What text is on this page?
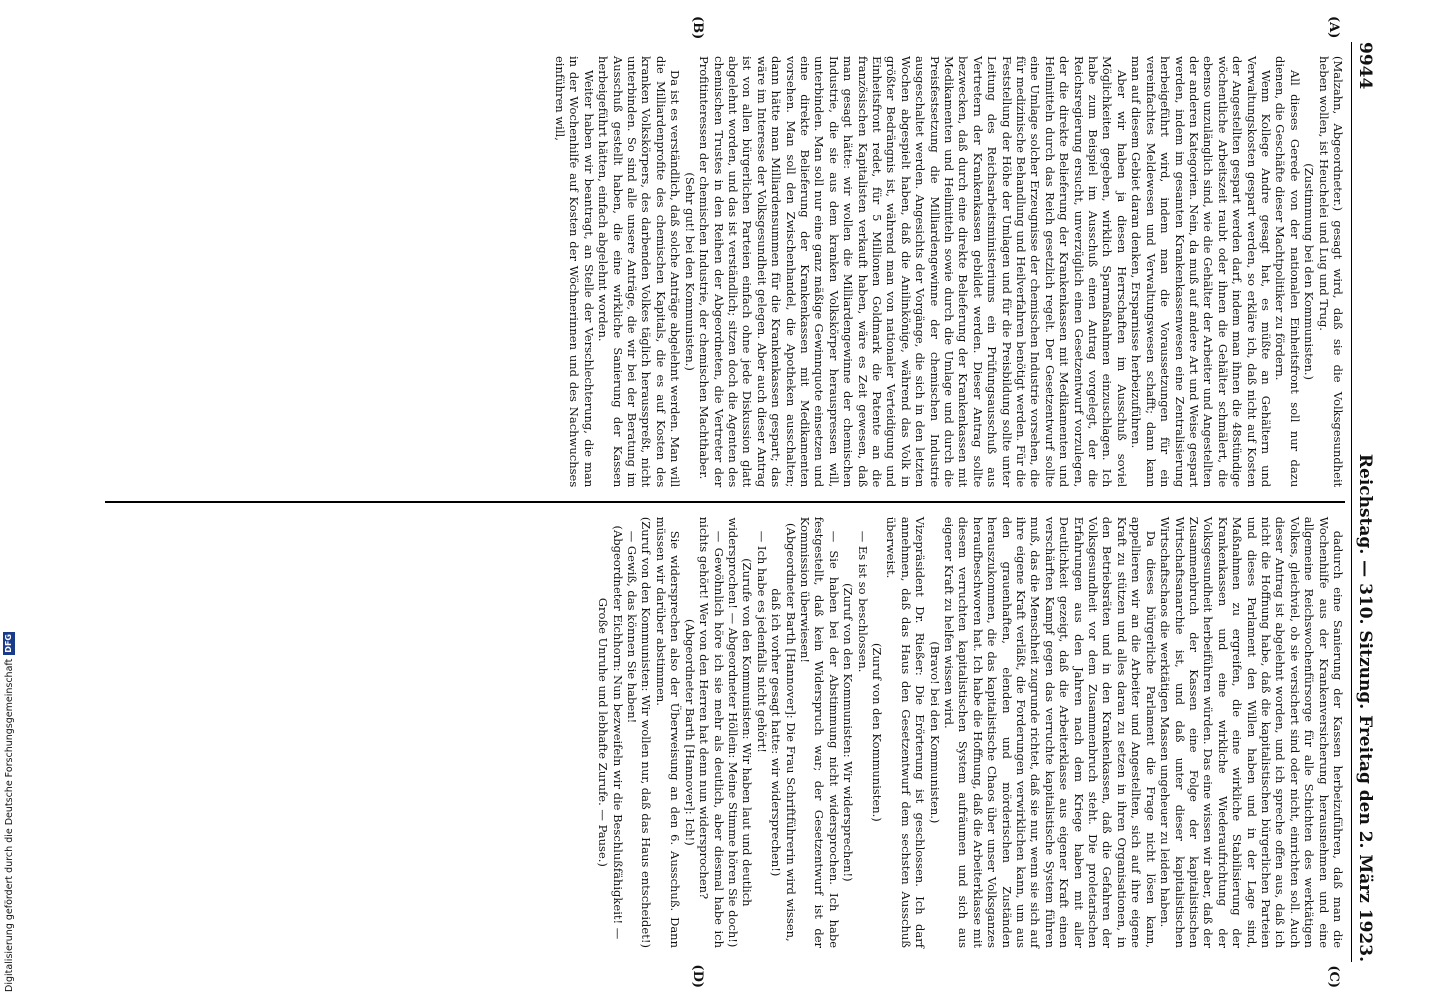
9944
Reichstag. — 310. Sitzung. Freitag den 2. März 1923.
(A)
(B)
(C)
(D)

(Malzahn, Abgeordneter.) gesagt wird, daß sie die Volksgesundheit heben wollen, ist Heuchelei und Lug und Trug.

(Zustimmung bei den Kommunisten.)

All dieses Gerede von der nationalen Einheitsfront soll nur dazu dienen, die Geschäfte dieser Machtpolitiker zu fördern.

Wenn Kollege Andre gesagt hat, es müßte an Gehältern und Verwaltungskosten gespart werden, so erkläre ich, daß nicht auf Kosten der Angestellten gespart werden darf, indem man ihnen die 48stündige wöchentliche Arbeitszeit raubt oder ihnen die Gehälter schmälert, die ebenso unzulänglich sind, wie die Gehälter der Arbeiter und Angestellten der anderen Kategorien. Nein, da muß auf andere Art und Weise gespart werden, indem im gesamten Krankenkassenwesen eine Zentralisierung herbeigeführt wird, indem man die Voraussetzungen für ein vereinfachtes Meldewesen und Verwaltungswesen schafft; dann kann man auf diesem Gebiet daran denken, Ersparnisse herbeizuführen.

Aber wir haben ja diesen Herrschaften im Ausschuß soviel Möglichkeiten gegeben, wirklich Sparmaßnahmen einzuschlagen. Ich habe zum Beispiel im Ausschuß einen Antrag vorgelegt, der die Reichsregierung ersucht, unverzüglich einen Gesetzentwurf vorzulegen, der die direkte Belieferung der Krankenkassen mit Medikamenten und Heilmitteln durch das Reich gesetzlich regelt. Der Gesetzentwurf sollte eine Umlage solcher Erzeugnisse der chemischen Industrie vorsehen, die für medizinische Behandlung und Heilverfahren benötigt werden. Für die Feststellung der Höhe der Umlagen und für die Preisbildung sollte unter Leitung des Reichsarbeitsministeriums ein Prüfungsausschuß aus Vertretern der Krankenkassen gebildet werden. Dieser Antrag sollte bezwecken, daß durch eine direkte Belieferung der Krankenkassen mit Medikamenten und Heilmitteln sowie durch die Umlage und durch die Preisfestsetzung die Milliardengewinne der chemischen Industrie ausgeschaltet werden. Angesichts der Vorgänge, die sich in den letzten Wochen abgespielt haben, daß die Anilinkönige, während das Volk in größter Bedrängnis ist, während man von nationaler Verteidigung und Einheitsfront redet, für 5 Millionen Goldmark die Patente an die französischen Kapitalisten verkauft haben, wäre es Zeit gewesen, daß man gesagt hätte: wir wollen die Milliardengewinne der chemischen Industrie, die sie aus dem kranken Volkskörper herauspressen will, unterbinden. Man soll nur eine ganz mäßige Gewinnquote einsetzen und eine direkte Belieferung der Krankenkassen mit Medikamenten vorsehen. Man soll den Zwischenhandel, die Apotheken ausschalten; dann hätte man Milliardensummen für die Krankenkassen gespart; das wäre im Interesse der Volksgesundheit gelegen. Aber auch dieser Antrag ist von allen bürgerlichen Parteien einfach ohne jede Diskussion glatt abgelehnt worden, und das ist verständlich; sitzen doch die Agenten des chemischen Trustes in den Reihen der Abgeordneten, die Vertreter der Profitinteressen der chemischen Industrie, der chemischen Machthaber.

(Sehr gut! bei den Kommunisten.)

Da ist es verständlich, daß solche Anträge abgelehnt werden. Man will die Milliardenprofite des chemischen Kapitals, die es auf Kosten des kranken Volkskörpers, des darbenden Volkes täglich herausspreßt, nicht unterbinden. So sind alle unsere Anträge, die wir bei der Beratung im Ausschuß gestellt haben, die eine wirkliche Sanierung der Kassen herbeigeführt hätten, einfach abgelehnt worden.

Weiter haben wir beantragt, an Stelle der Verschlechterung, die man in der Wochenhilfe auf Kosten der Wöchnerinnen und des Nachwuchses einführen will,

dadurch eine Sanierung der Kassen herbeizuführen, daß man die Wochenhilfe aus der Krankenversicherung herausnehmen und eine allgemeine Reichswochenfürsorge für alle Schichten des werktätigen Volkes, gleichviel, ob sie versichert sind oder nicht, einrichten soll. Auch dieser Antrag ist abgelehnt worden, und ich spreche offen aus, daß ich nicht die Hoffnung habe, daß die kapitalistischen bürgerlichen Parteien und dieses Parlament den Willen haben und in der Lage sind, Maßnahmen zu ergreifen, die eine wirkliche Stabilisierung der Krankenkassen und eine wirkliche Wiederaufrichtung der Volksgesundheit herbeiführen würden. Das eine wissen wir aber, daß der Zusammenbruch der Kassen eine Folge der kapitalistischen Wirtschaftsanarchie ist, und daß unter dieser kapitalistischen Wirtschaftschaos die werktätigen Massen ungeheuer zu leiden haben.

Da dieses bürgerliche Parlament die Frage nicht lösen kann, appellieren wir an die Arbeiter und Angestellten, sich auf ihre eigene Kraft zu stützen und alles daran zu setzen in ihren Organisationen, in den Betriebsräten und in den Krankenkassen, daß die Gefahren der Volksgesundheit vor dem Zusammenbruch steht. Die proletarischen Erfahrungen aus den Jahren nach dem Kriege haben mit aller Deutlichkeit gezeigt, daß die Arbeiterklasse aus eigener Kraft einen verschärften Kampf gegen das verruchte kapitalistische System führen muß, das die Menschheit zugrunde richtet, daß sie nur, wenn sie sich auf ihre eigene Kraft verläßt, die Forderungen verwirklichen kann, um aus den grauenhaften, elenden und mörderischen Zuständen herauszukommen, die das kapitalistische Chaos über unser Volksganzes heraufbeschworen hat. Ich habe die Hoffnung, daß die Arbeiterklasse mit diesem verruchten kapitalistischen System aufräumen und sich aus eigener Kraft zu helfen wissen wird.

(Bravo! bei den Kommunisten.)

Vizepräsident Dr. Rießer: Die Erörterung ist geschlossen. Ich darf annehmen, daß das Haus den Gesetzentwurf dem sechsten Ausschuß überweist.

(Zuruf von den Kommunisten.)

— Es ist so beschlossen.

(Zuruf von den Kommunisten: Wir widersprechen!)

— Sie haben bei der Abstimmung nicht widersprochen. Ich habe festgestellt, daß kein Widerspruch war; der Gesetzentwurf ist der Kommission überwiesen!

(Abgeordneter Barth [Hannover]: Die Frau Schriftführerin wird wissen, daß ich vorher gesagt hatte: wir widersprechen!)

— Ich habe es jedenfalls nicht gehört!

(Zurufe von den Kommunisten: Wir haben laut und deutlich widersprochen! — Abgeordneter Höllein: Meine Stimme hören Sie doch!)

— Gewöhnlich höre ich sie mehr als deutlich, aber diesmal habe ich nichts gehört! Wer von den Herren hat denn nun widersprochen?

(Abgeordneter Barth [Hannover]: Ich!)

Sie widersprechen also der Überweisung an den 6. Ausschuß. Dann müssen wir darüber abstimmen.

(Zuruf von den Kommunisten: Wir wollen nur, daß das Haus entscheidet!)

— Gewiß, das können Sie haben!

(Abgeordneter Eichhorn: Nun bezweifeln wir die Beschlußfähigkeit! — Große Unruhe und lebhafte Zurufe. — Pause.)

Digitalisierung gefördert durch die Deutsche Forschungsgemeinschaft
DFG
